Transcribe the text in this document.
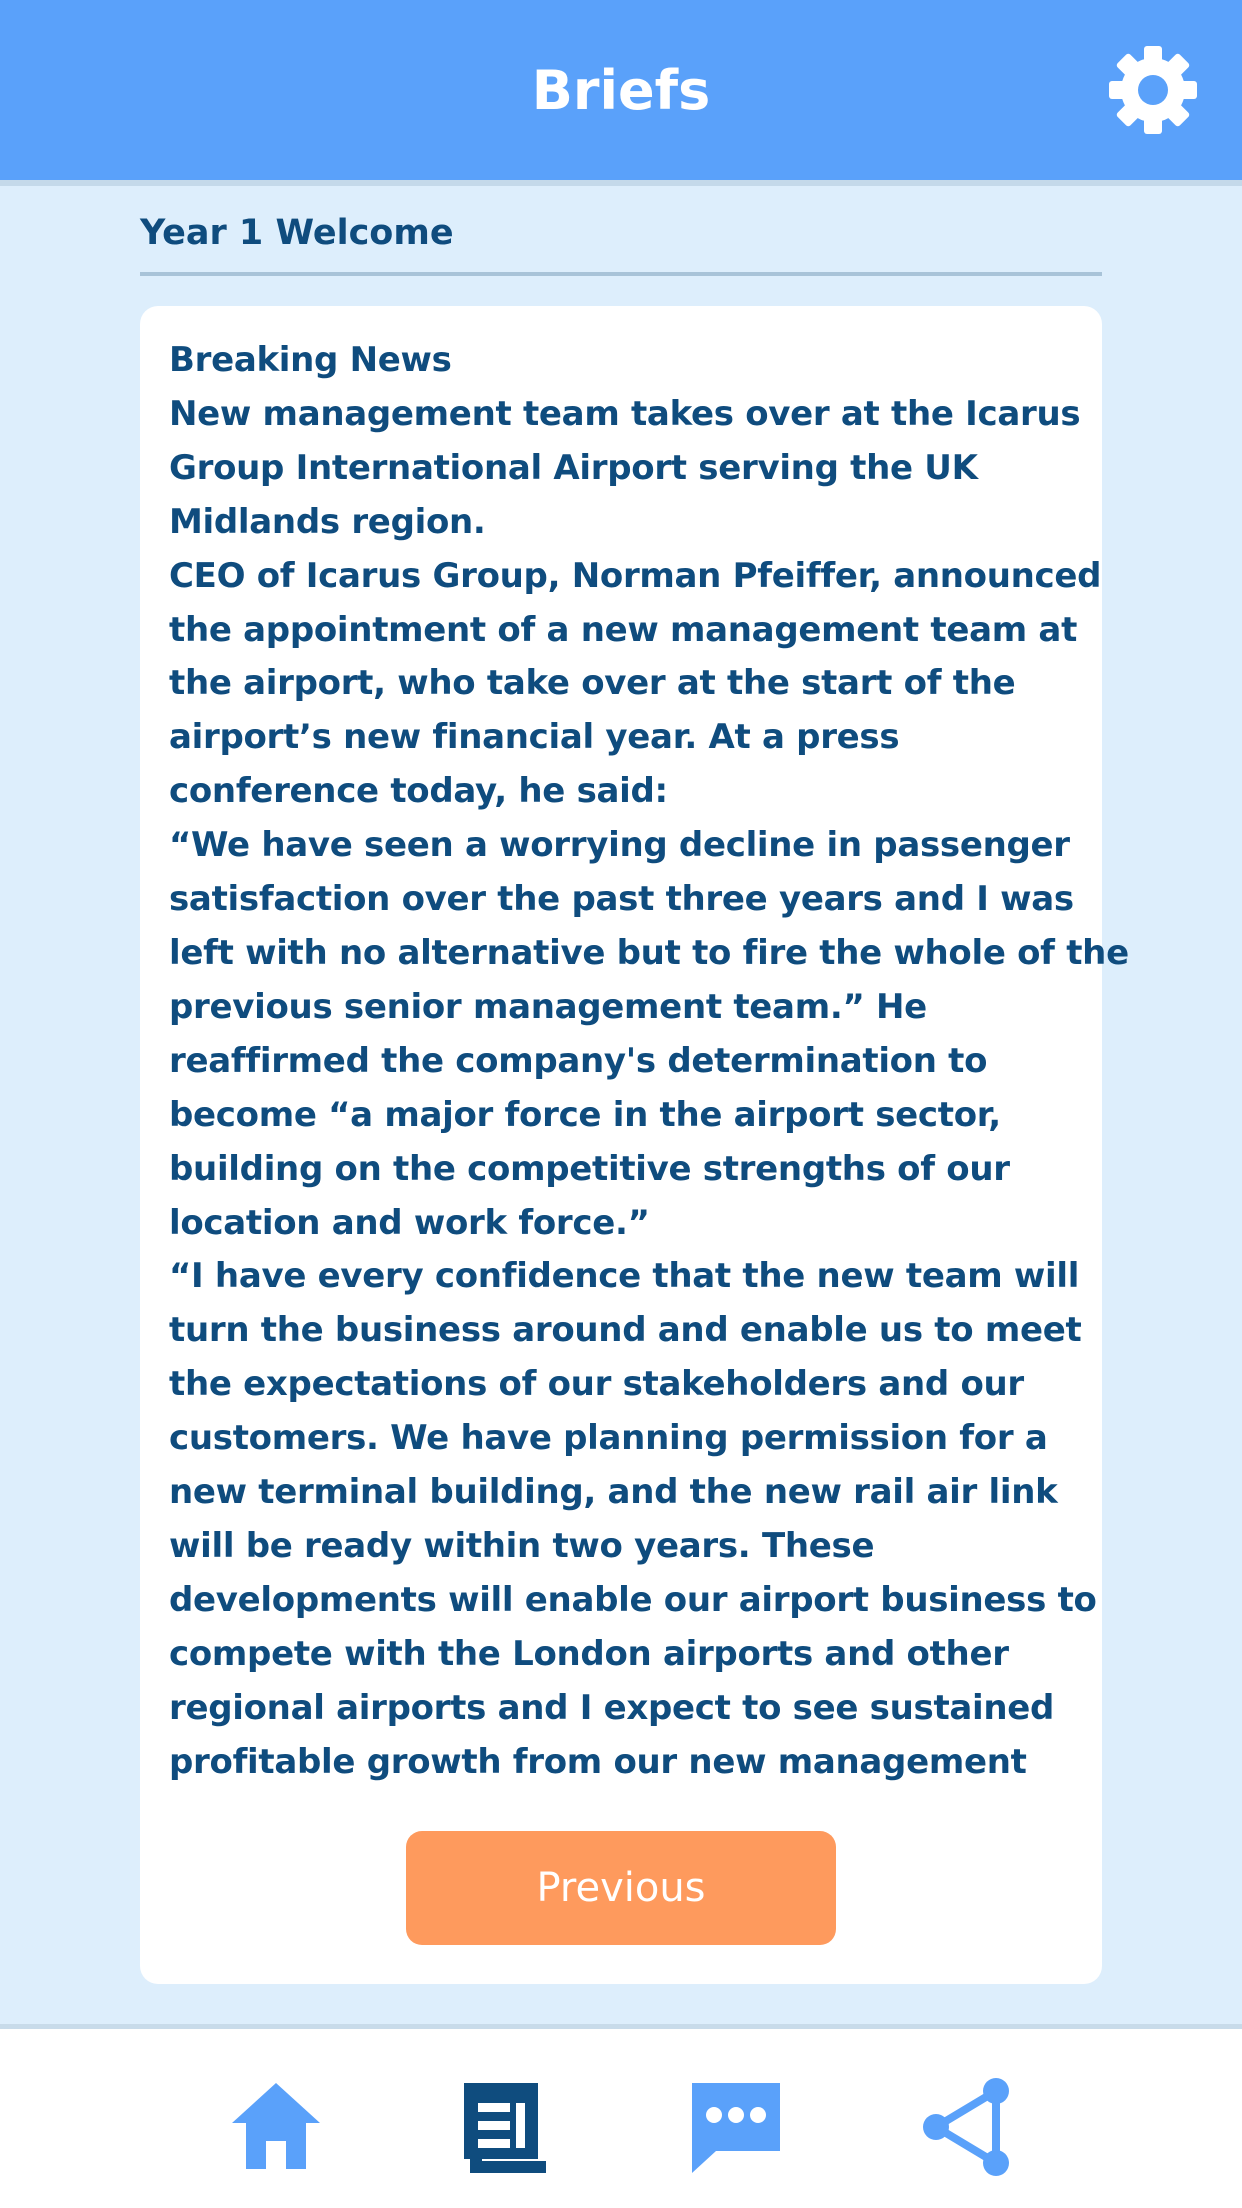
Briefs
Year 1 Welcome

Breaking News

New management team takes over at the Icarus

Group International Airport serving the UK

Midlands region.

CEO of Icarus Group, Norman Pfeiffer, announced

the appointment of a new management team at

the airport, who take over at the start of the

airport’s new financial year. At a press

conference today, he said:

“We have seen a worrying decline in passenger

satisfaction over the past three years and I was

left with no alternative but to fire the whole of the

previous senior management team.” He

reaffirmed the company's determination to

become “a major force in the airport sector,

building on the competitive strengths of our

location and work force.”

“I have every confidence that the new team will

turn the business around and enable us to meet

the expectations of our stakeholders and our

customers. We have planning permission for a

new terminal building, and the new rail air link

will be ready within two years. These

developments will enable our airport business to

compete with the London airports and other

regional airports and I expect to see sustained

profitable growth from our new management

Previous
